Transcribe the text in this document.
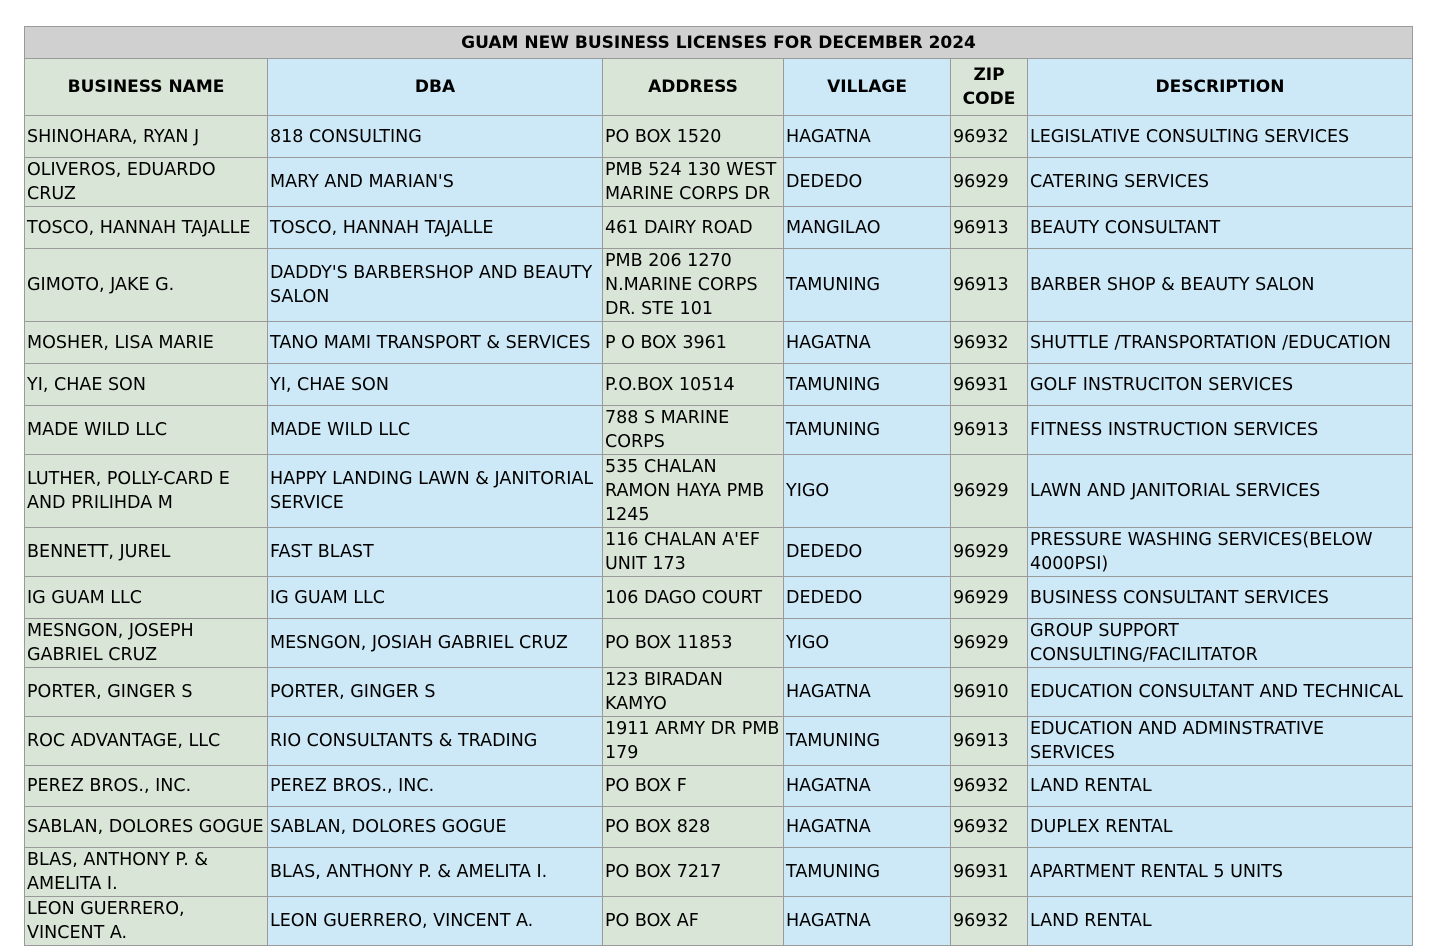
GUAM NEW BUSINESS LICENSES FOR DECEMBER 2024					
BUSINESS NAME	DBA	ADDRESS	VILLAGE	ZIP CODE	DESCRIPTION
SHINOHARA, RYAN J	818 CONSULTING	PO BOX 1520	HAGATNA	96932	LEGISLATIVE CONSULTING SERVICES
OLIVEROS, EDUARDO CRUZ	MARY AND MARIAN'S	PMB 524 130 WEST MARINE CORPS DR	DEDEDO	96929	CATERING SERVICES
TOSCO, HANNAH TAJALLE	TOSCO, HANNAH TAJALLE	461 DAIRY ROAD	MANGILAO	96913	BEAUTY CONSULTANT
GIMOTO, JAKE G.	DADDY'S BARBERSHOP AND BEAUTY SALON	PMB 206 1270 N.MARINE CORPS DR. STE 101	TAMUNING	96913	BARBER SHOP & BEAUTY SALON
MOSHER, LISA MARIE	TANO MAMI TRANSPORT & SERVICES	P O BOX 3961	HAGATNA	96932	SHUTTLE /TRANSPORTATION /EDUCATION
YI, CHAE SON	YI, CHAE SON	P.O.BOX 10514	TAMUNING	96931	GOLF INSTRUCITON SERVICES
MADE WILD LLC	MADE WILD LLC	788 S MARINE CORPS	TAMUNING	96913	FITNESS INSTRUCTION SERVICES
LUTHER, POLLY-CARD E AND PRILIHDA M	HAPPY LANDING LAWN & JANITORIAL SERVICE	535 CHALAN RAMON HAYA PMB 1245	YIGO	96929	LAWN AND JANITORIAL SERVICES
BENNETT, JUREL	FAST BLAST	116 CHALAN A'EF UNIT 173	DEDEDO	96929	PRESSURE WASHING SERVICES(BELOW 4000PSI)
IG GUAM LLC	IG GUAM LLC	106 DAGO COURT	DEDEDO	96929	BUSINESS CONSULTANT SERVICES
MESNGON, JOSEPH GABRIEL CRUZ	MESNGON, JOSIAH GABRIEL CRUZ	PO BOX 11853	YIGO	96929	GROUP SUPPORT CONSULTING/FACILITATOR
PORTER, GINGER S	PORTER, GINGER S	123 BIRADAN KAMYO	HAGATNA	96910	EDUCATION CONSULTANT AND TECHNICAL
ROC ADVANTAGE, LLC	RIO CONSULTANTS & TRADING	1911 ARMY DR PMB 179	TAMUNING	96913	EDUCATION AND ADMINSTRATIVE SERVICES
PEREZ BROS., INC.	PEREZ BROS., INC.	PO BOX F	HAGATNA	96932	LAND RENTAL
SABLAN, DOLORES GOGUE	SABLAN, DOLORES GOGUE	PO BOX 828	HAGATNA	96932	DUPLEX RENTAL
BLAS, ANTHONY P. & AMELITA I.	BLAS, ANTHONY P. & AMELITA I.	PO BOX 7217	TAMUNING	96931	APARTMENT RENTAL 5 UNITS
LEON GUERRERO, VINCENT A.	LEON GUERRERO, VINCENT A.	PO BOX AF	HAGATNA	96932	LAND RENTAL
